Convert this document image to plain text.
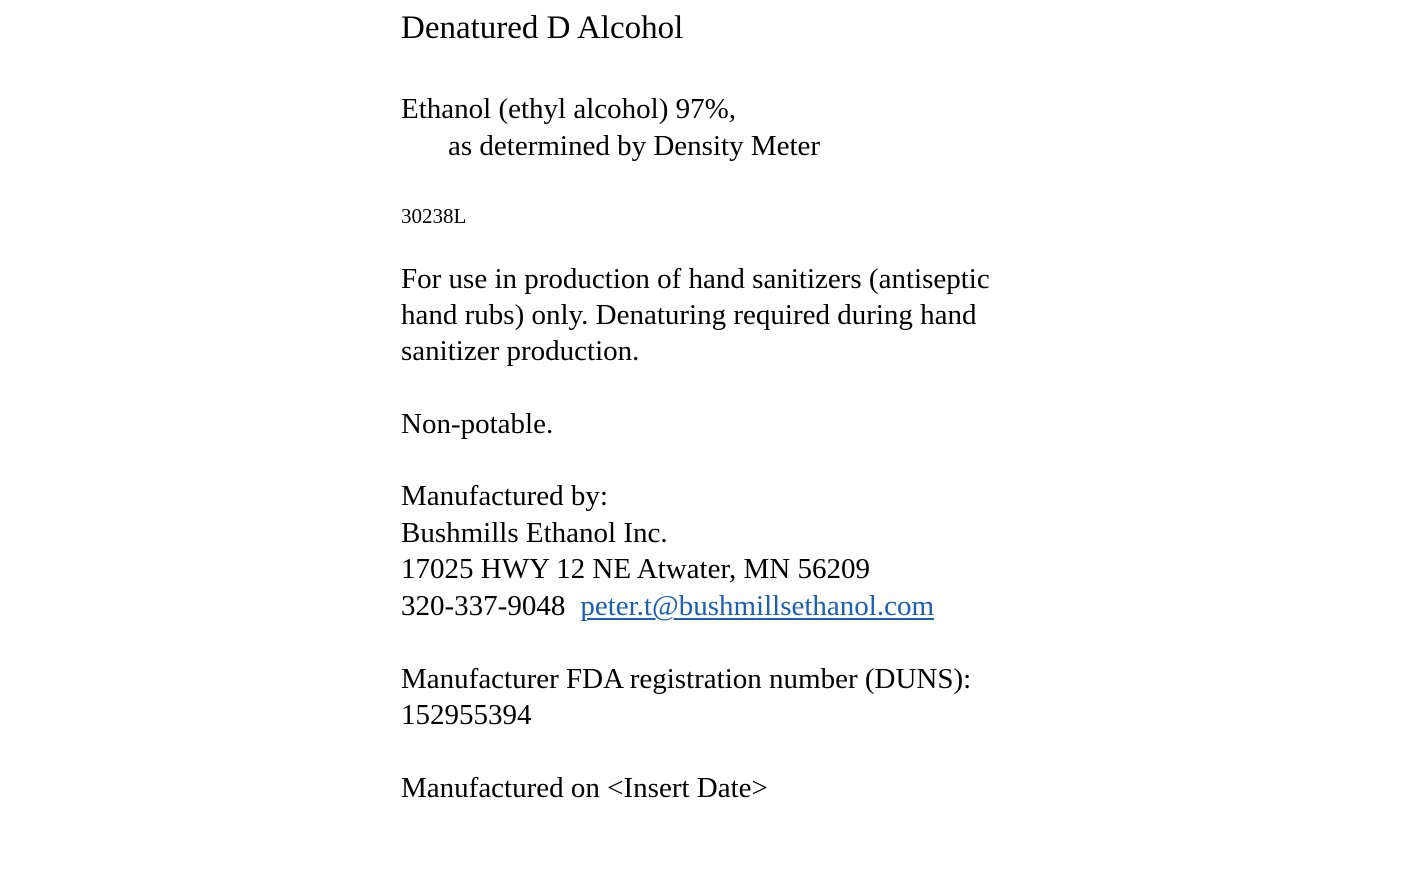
Denatured D Alcohol
Ethanol (ethyl alcohol) 97%,
as determined by Density Meter
30238L
For use in production of hand sanitizers (antiseptic
hand rubs) only. Denaturing required during hand
sanitizer production.
Non-potable.
Manufactured by:
Bushmills Ethanol Inc.
17025 HWY 12 NE Atwater, MN 56209
320-337-9048 peter.t@bushmillsethanol.com
Manufacturer FDA registration number (DUNS):
152955394
Manufactured on <Insert Date>
